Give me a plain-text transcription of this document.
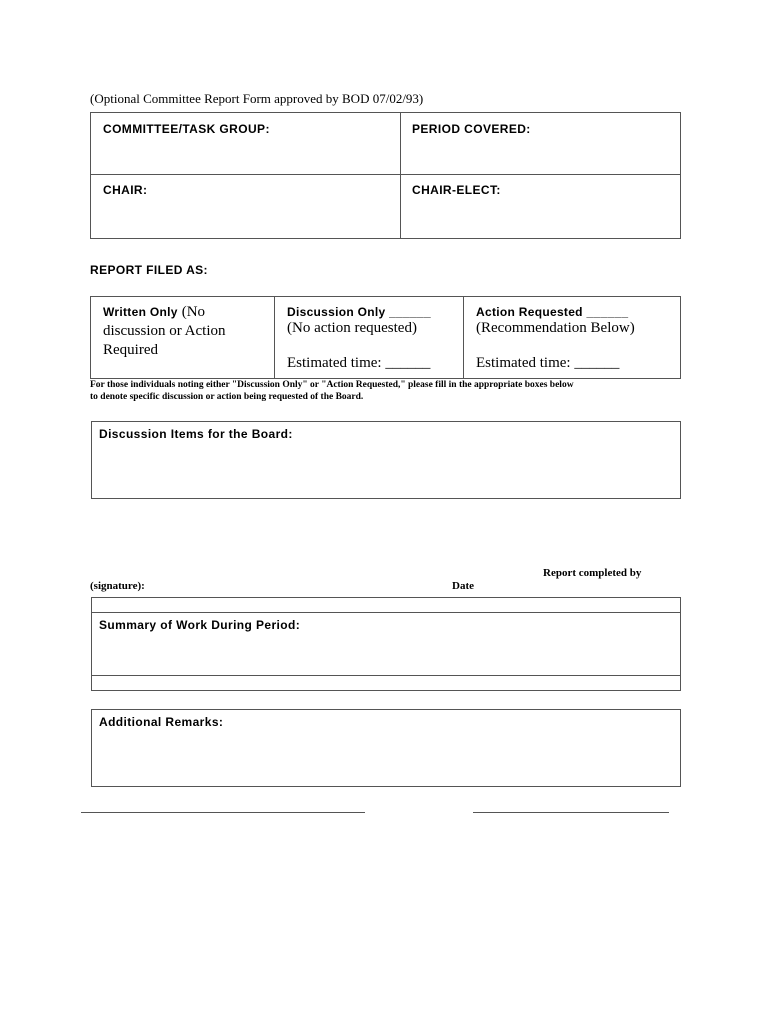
(Optional Committee Report Form approved by BOD 07/02/93)
COMMITTEE/TASK GROUP:	PERIOD COVERED:
CHAIR:	CHAIR-ELECT:
REPORT FILED AS:
Written Only (No
discussion or Action
Required
Discussion Only ______
(No action requested)
Estimated time: ______
Action Requested ______
(Recommendation Below)
Estimated time: ______
For those individuals noting either "Discussion Only" or "Action Requested," please fill in the appropriate boxes below
to denote specific discussion or action being requested of the Board.
Discussion Items for the Board:
Report completed by
(signature):	Date
Summary of Work During Period:
Additional Remarks:
